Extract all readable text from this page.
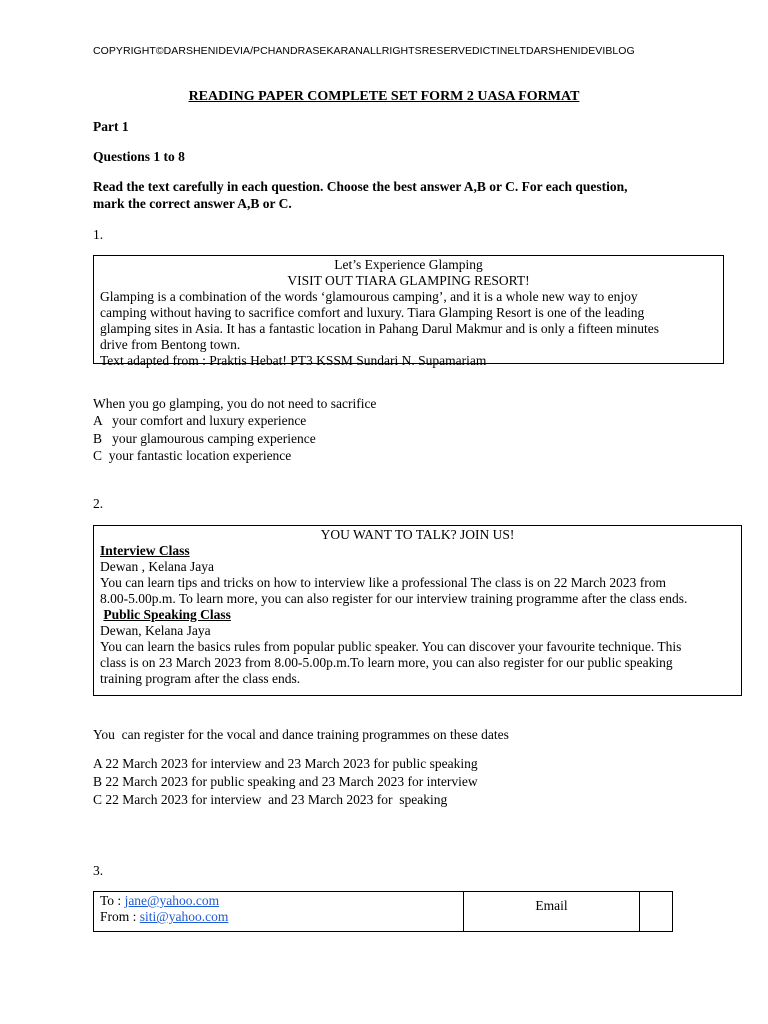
COPYRIGHT©DARSHENIDEVIA/PCHANDRASEKARANALLRIGHTSRESERVEDICTINELTDARSHENIDEVIBLOG
READING PAPER COMPLETE SET FORM 2 UASA FORMAT
Part 1
Questions 1 to 8
Read the text carefully in each question. Choose the best answer A,B or C. For each question,
mark the correct answer A,B or C.
1.

Let’s Experience Glamping

VISIT OUT TIARA GLAMPING RESORT!

Glamping is a combination of the words ‘glamourous camping’, and it is a whole new way to enjoy

camping without having to sacrifice comfort and luxury. Tiara Glamping Resort is one of the leading

glamping sites in Asia. It has a fantastic location in Pahang Darul Makmur and is only a fifteen minutes

drive from Bentong town.

Text adapted from : Praktis Hebat! PT3 KSSM Sundari N. Supamariam

When you go glamping, you do not need to sacrifice
A   your comfort and luxury experience
B   your glamourous camping experience
C  your fantastic location experience
2.

YOU WANT TO TALK? JOIN US!

Interview Class

Dewan , Kelana Jaya

You can learn tips and tricks on how to interview like a professional The class is on 22 March 2023 from

8.00-5.00p.m. To learn more, you can also register for our interview training programme after the class ends.

Public Speaking Class

Dewan, Kelana Jaya

You can learn the basics rules from popular public speaker. You can discover your favourite technique. This

class is on 23 March 2023 from 8.00-5.00p.m.To learn more, you can also register for our public speaking

training program after the class ends.

You  can register for the vocal and dance training programmes on these dates
A 22 March 2023 for interview and 23 March 2023 for public speaking
B 22 March 2023 for public speaking and 23 March 2023 for interview
C 22 March 2023 for interview  and 23 March 2023 for  speaking
3.
To : jane@yahoo.com
From : siti@yahoo.com
Email
